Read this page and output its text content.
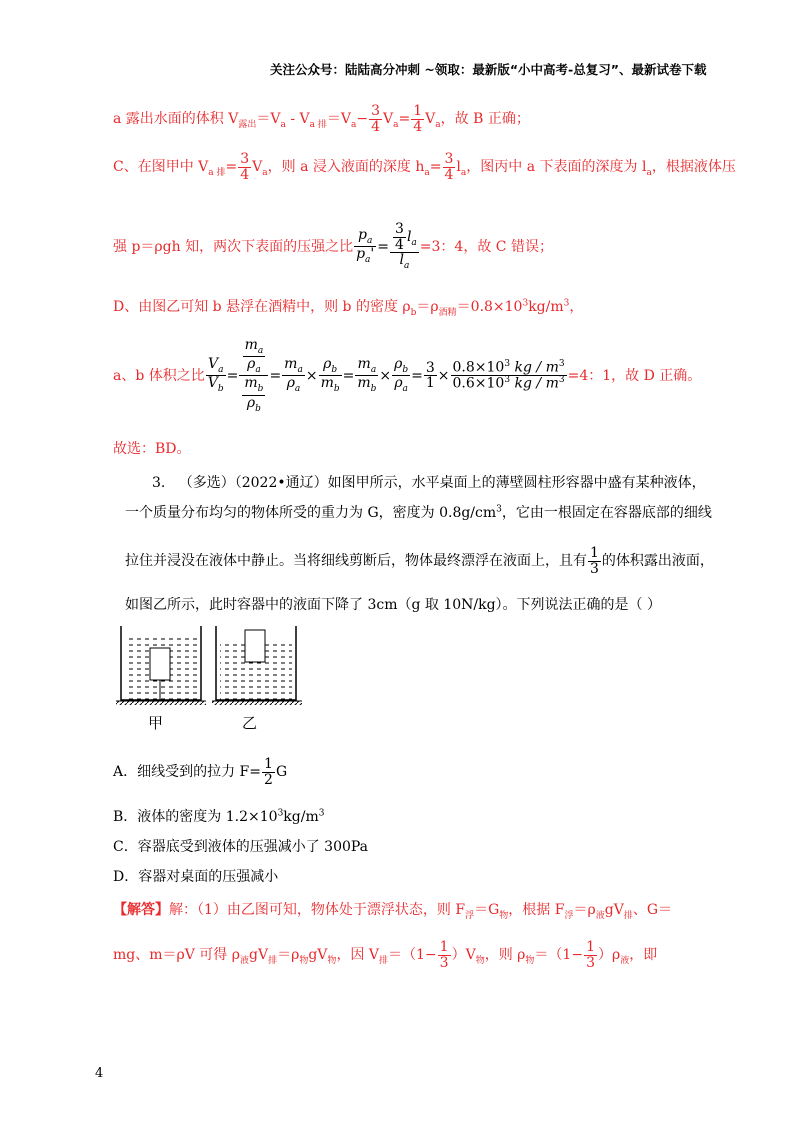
关注公众号：陆陆高分冲刺 ~领取：最新版“小中高考-总复习”、最新试卷下载
a 露出水面的体积 $V_{露出}=V_a - V_{a 排}=V_a- \frac{3}{4} V_a= \frac{1}{4} V_a$，故 B 正确；
C、在图甲中 $V_{a 排}= \frac{3}{4} V_a$，则 a 浸入液面的深度 $h_a= \frac{3}{4} l_a$，图丙中 a 下表面的深度为 $l_a$，根据液体压
强 p＝ρgh 知，两次下表面的压强之比 $\frac{p_a}{p_a'} = \frac{\frac{3}{4} l_a}{l_a} =3$：4，故 C 错误；
D、由图乙可知 b 悬浮在酒精中，则 b 的密度 $\rho_b=\rho_{酒精}=0.8\times 10^3kg/m^3$，
a、b 体积之比 $\frac{V_a}{V_b} = \frac{\frac{m_a}{\rho_a}}{\frac{m_b}{\rho_b}} = \frac{m_a}{\rho_a} \times \frac{\rho_b}{m_b} = \frac{m_a}{m_b} \times \frac{\rho_b}{\rho_a} = \frac{3}{1} \times \frac{0.8\times 10^3 kg / m^3}{0.6\times 10^3 kg / m^3} =4$：1，故 D 正确。
故选：BD。
3. （多选）（2022•通辽）如图甲所示，水平桌面上的薄壁圆柱形容器中盛有某种液体，
一个质量分布均匀的物体所受的重力为 G，密度为 $0.8g/cm^3$，它由一根固定在容器底部的细线
拉住并浸没在液体中静止。当将细线剪断后，物体最终漂浮在液面上，且有 $\frac{1}{3}$ 的体积露出液面，
如图乙所示，此时容器中的液面下降了 3cm（g 取 10N/kg）。下列说法正确的是（ ）
甲	乙
A．细线受到的拉力 $F= \frac{1}{2}$ G
B．液体的密度为 $1.2\times 10^3kg/m^3$
C．容器底受到液体的压强减小了 300Pa
D．容器对桌面的压强减小
【解答】解：（1）由乙图可知，物体处于漂浮状态，则 $F_浮=G_物$，根据 $F_浮=\rho_液gV_排$、G＝
mg、m＝ρV 可得 $\rho_液gV_排=\rho_物gV_物$，因 $V_排=(1- \frac{1}{3} )V_物$，则 $\rho_物=(1- \frac{1}{3} )\rho_液$，即
4
